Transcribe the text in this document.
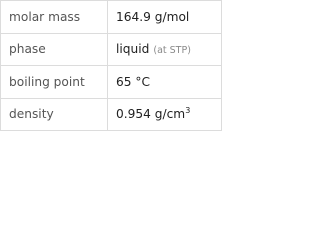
molar mass	164.9 g/mol
phase	liquid (at STP)
boiling point	65 °C
density	0.954 $g/cm^3$
